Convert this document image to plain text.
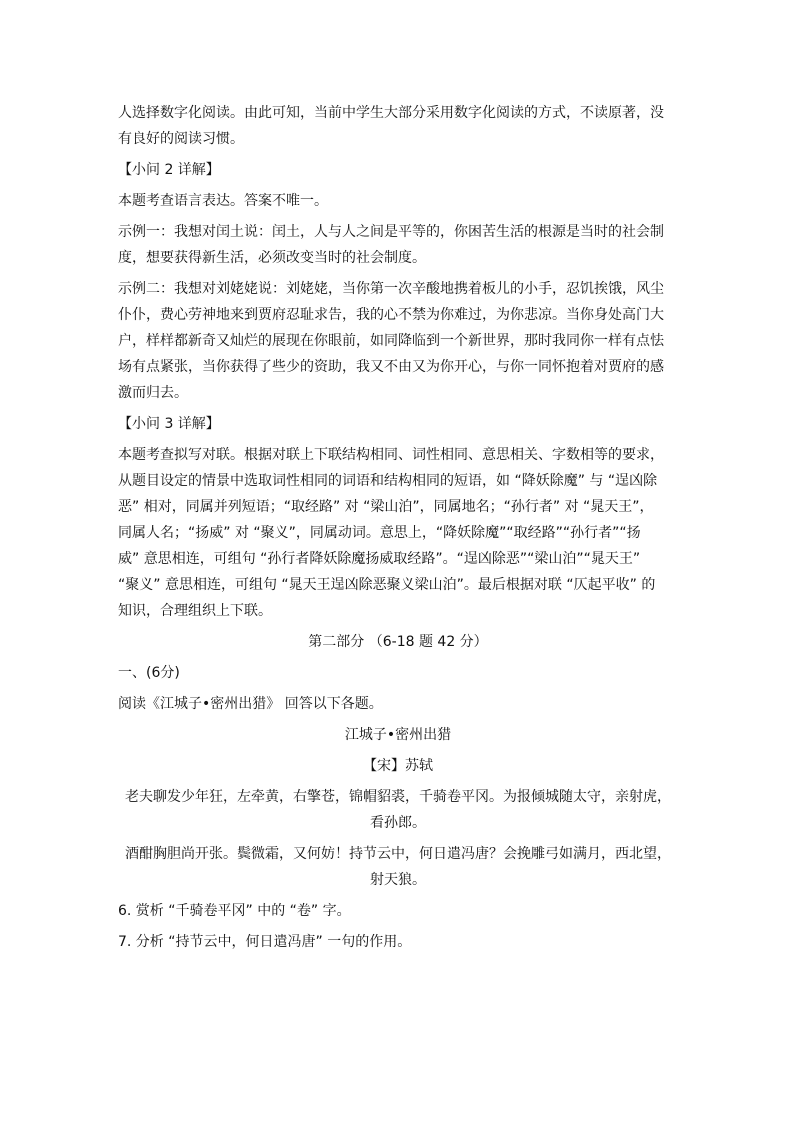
人选择数字化阅读。由此可知，当前中学生大部分采用数字化阅读的方式，不读原著，没
有良好的阅读习惯。

【小问 2 详解】

本题考查语言表达。答案不唯一。

示例一：我想对闰土说：闰土，人与人之间是平等的，你困苦生活的根源是当时的社会制
度，想要获得新生活，必须改变当时的社会制度。

示例二：我想对刘姥姥说：刘姥姥，当你第一次辛酸地携着板儿的小手，忍饥挨饿，风尘
仆仆，费心劳神地来到贾府忍耻求告，我的心不禁为你难过，为你悲凉。当你身处高门大
户，样样都新奇又灿烂的展现在你眼前，如同降临到一个新世界，那时我同你一样有点怯
场有点紧张，当你获得了些少的资助，我又不由又为你开心，与你一同怀抱着对贾府的感
激而归去。

【小问 3 详解】

本题考查拟写对联。根据对联上下联结构相同、词性相同、意思相关、字数相等的要求，
从题目设定的情景中选取词性相同的词语和结构相同的短语，如 “降妖除魔” 与 “逞凶除
恶” 相对，同属并列短语；“取经路” 对 “梁山泊”，同属地名；“孙行者” 对 “晁天王”，
同属人名；“扬威” 对 “聚义”，同属动词。意思上，“降妖除魔”“取经路”“孙行者”“扬
威” 意思相连，可组句 “孙行者降妖除魔扬威取经路”。“逞凶除恶”“梁山泊”“晁天王”
“聚义” 意思相连，可组句 “晁天王逞凶除恶聚义梁山泊”。最后根据对联 “仄起平收” 的
知识，合理组织上下联。

第二部分 （6-18 题 42 分）

一、(6分)

阅读《江城子•密州出猎》 回答以下各题。

江城子•密州出猎

【宋】苏轼

老夫聊发少年狂，左牵黄，右擎苍，锦帽貂裘，千骑卷平冈。为报倾城随太守，亲射虎，
看孙郎。

酒酣胸胆尚开张。鬓微霜，又何妨！持节云中，何日遣冯唐？会挽雕弓如满月，西北望，
射天狼。

6. 赏析 “千骑卷平冈” 中的 “卷” 字。

7. 分析 “持节云中，何日遣冯唐” 一句的作用。
